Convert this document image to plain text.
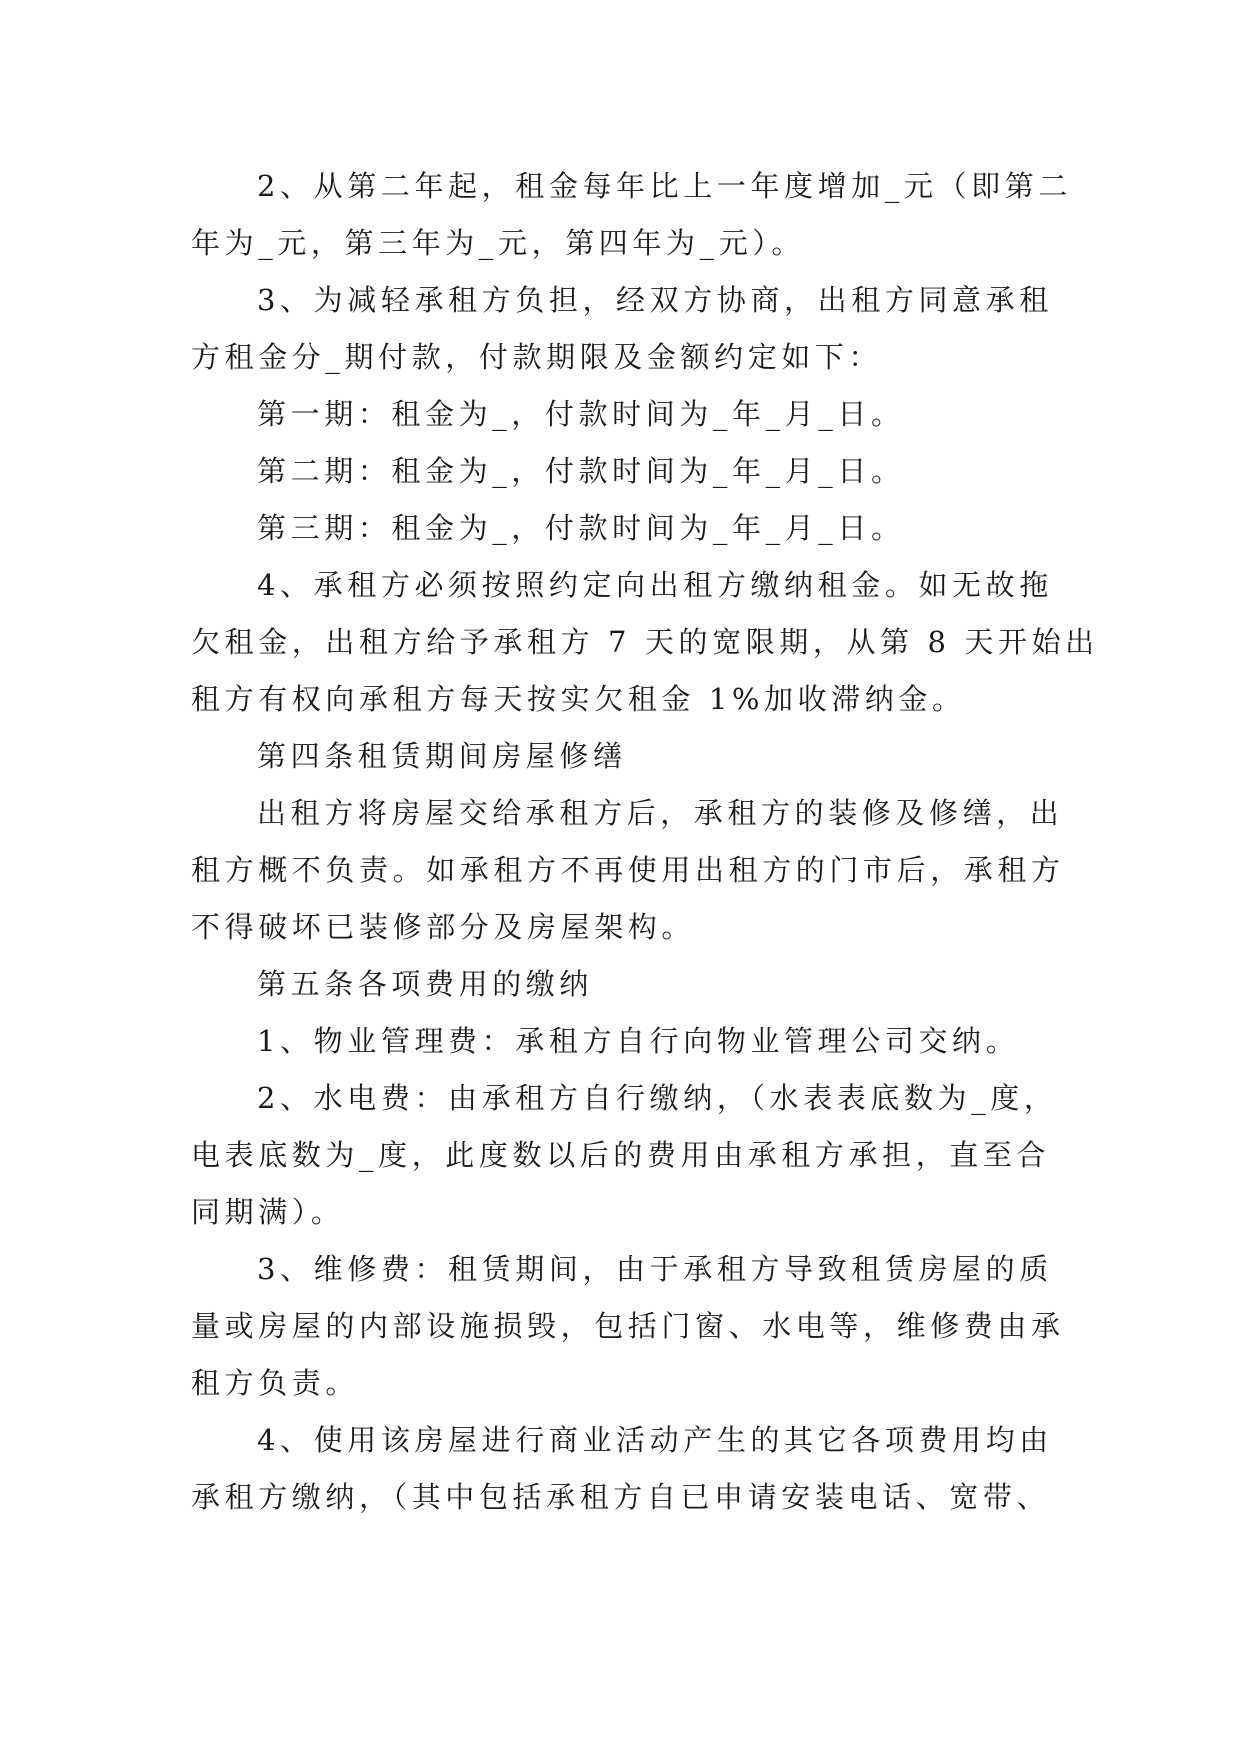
2、从第二年起，租金每年比上一年度增加_元（即第二
年为_元，第三年为_元，第四年为_元）。
3、为减轻承租方负担，经双方协商，出租方同意承租
方租金分_期付款，付款期限及金额约定如下：
第一期：租金为_，付款时间为_年_月_日。
第二期：租金为_，付款时间为_年_月_日。
第三期：租金为_，付款时间为_年_月_日。
4、承租方必须按照约定向出租方缴纳租金。如无故拖
欠租金，出租方给予承租方 7 天的宽限期，从第 8 天开始出
租方有权向承租方每天按实欠租金 1%加收滞纳金。
第四条租赁期间房屋修缮
出租方将房屋交给承租方后，承租方的装修及修缮，出
租方概不负责。如承租方不再使用出租方的门市后，承租方
不得破坏已装修部分及房屋架构。
第五条各项费用的缴纳
1、物业管理费：承租方自行向物业管理公司交纳。
2、水电费：由承租方自行缴纳，（水表表底数为_度，
电表底数为_度，此度数以后的费用由承租方承担，直至合
同期满）。
3、维修费：租赁期间，由于承租方导致租赁房屋的质
量或房屋的内部设施损毁，包括门窗、水电等，维修费由承
租方负责。
4、使用该房屋进行商业活动产生的其它各项费用均由
承租方缴纳，（其中包括承租方自已申请安装电话、宽带、
